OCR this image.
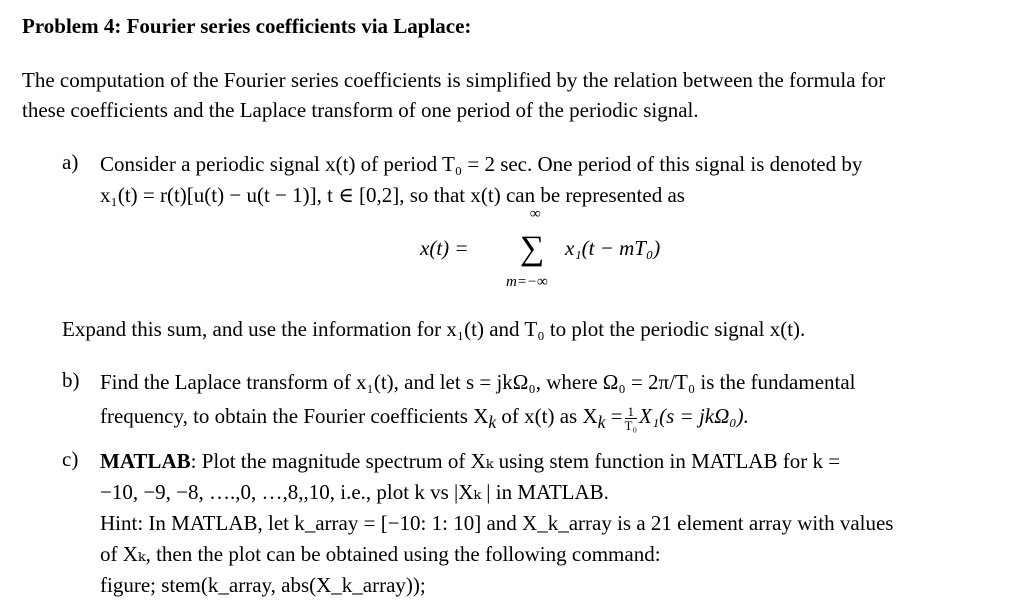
Problem 4: Fourier series coefficients via Laplace:
The computation of the Fourier series coefficients is simplified by the relation between the formula for
these coefficients and the Laplace transform of one period of the periodic signal.
a) Consider a periodic signal x(t) of period T₀ = 2 sec. One period of this signal is denoted by
x₁(t) = r(t)[u(t) − u(t − 1)], t ∈ [0,2], so that x(t) can be represented as
∞
x(t) = ∑ x₁(t − mT₀)
m=−∞
Expand this sum, and use the information for x₁(t) and T₀ to plot the periodic signal x(t).
b) Find the Laplace transform of x₁(t), and let s = jkΩ₀, where Ω₀ = 2π/T₀ is the fundamental
frequency, to obtain the Fourier coefficients $X_k$ of x(t) as $X_k = \frac{1}{\text{T₀}} X_1(s = jk\Omega_0)$.
c) MATLAB: Plot the magnitude spectrum of Xₖ using stem function in MATLAB for k =
−10, −9, −8, ….,0, …,8,,10, i.e., plot k vs |Xₖ | in MATLAB.
Hint: In MATLAB, let k_array = [−10: 1: 10] and X_k_array is a 21 element array with values
of Xₖ, then the plot can be obtained using the following command:
figure; stem(k_array, abs(X_k_array));
